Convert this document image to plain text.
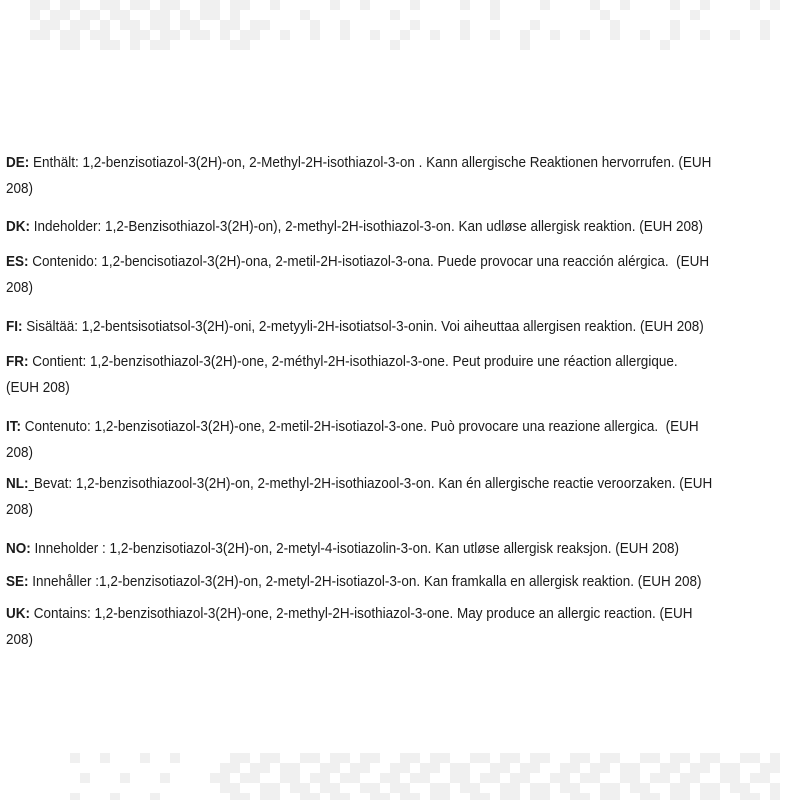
DE: Enthält: 1,2-benzisotiazol-3(2H)-on, 2-Methyl-2H-isothiazol-3-on . Kann allergische Reaktionen hervorrufen. (EUH
208)
DK: Indeholder: 1,2-Benzisothiazol-3(2H)-on), 2-methyl-2H-isothiazol-3-on. Kan udløse allergisk reaktion. (EUH 208)
ES: Contenido: 1,2-bencisotiazol-3(2H)-ona, 2-metil-2H-isotiazol-3-ona. Puede provocar una reacción alérgica.  (EUH
208)
FI: Sisältää: 1,2-bentsisotiatsol-3(2H)-oni, 2-metyyli-2H-isotiatsol-3-onin. Voi aiheuttaa allergisen reaktion. (EUH 208)
FR: Contient: 1,2-benzisothiazol-3(2H)-one, 2-méthyl-2H-isothiazol-3-one. Peut produire une réaction allergique.
(EUH 208)
IT: Contenuto: 1,2-benzisotiazol-3(2H)-one, 2-metil-2H-isotiazol-3-one. Può provocare una reazione allergica.  (EUH
208)
NL: Bevat: 1,2-benzisothiazool-3(2H)-on, 2-methyl-2H-isothiazool-3-on. Kan én allergische reactie veroorzaken. (EUH
208)
NO: Inneholder : 1,2-benzisotiazol-3(2H)-on, 2-metyl-4-isotiazolin-3-on. Kan utløse allergisk reaksjon. (EUH 208)
SE: Innehåller :1,2-benzisotiazol-3(2H)-on, 2-metyl-2H-isotiazol-3-on. Kan framkalla en allergisk reaktion. (EUH 208)
UK: Contains: 1,2-benzisothiazol-3(2H)-one, 2-methyl-2H-isothiazol-3-one. May produce an allergic reaction. (EUH
208)
